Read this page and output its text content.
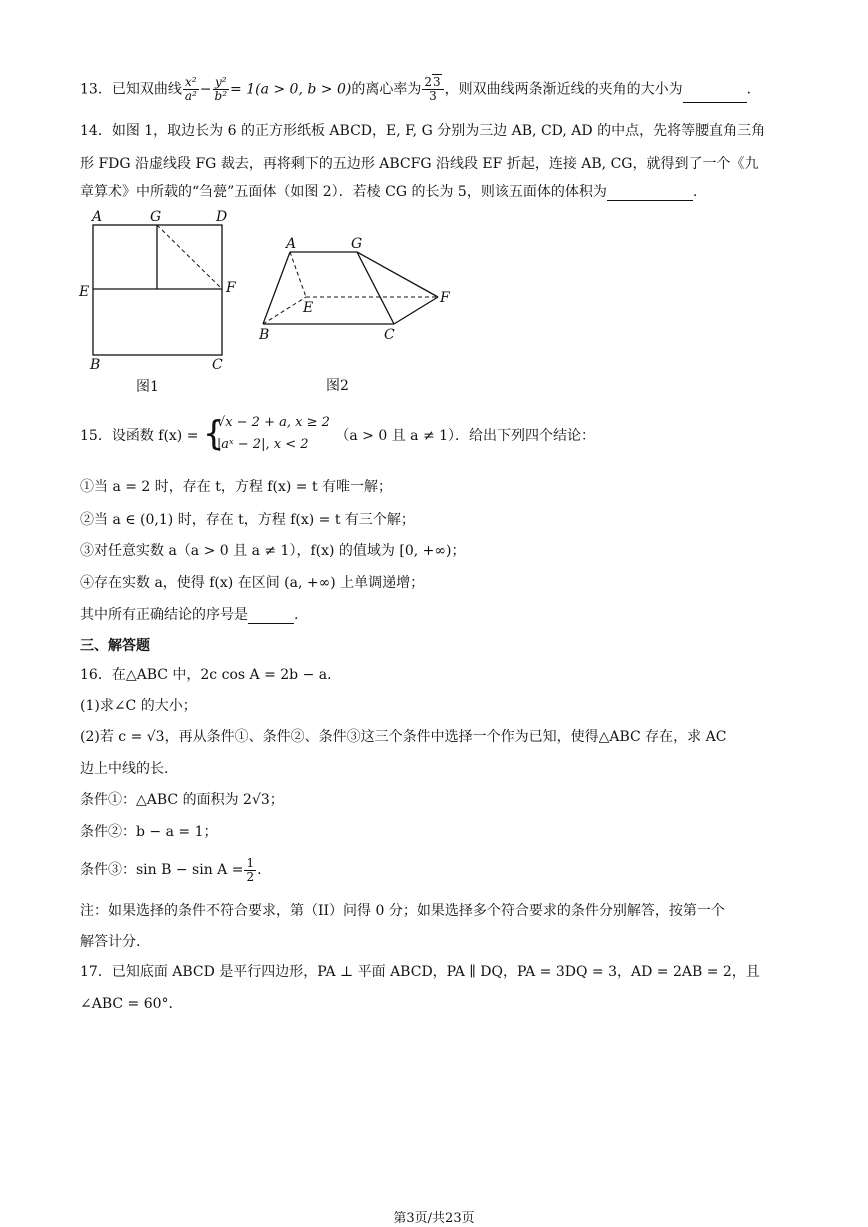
13．已知双曲线 $\frac{\text{x²}}{\text{a²}} - \frac{\text{y²}}{\text{b²}} = 1(a > 0$, b > 0)的离心率为 $\frac{23}{3}$ ，则双曲线两条渐近线的夹角的大小为	.
14．如图 1，取边长为 6 的正方形纸板 ABCD，E, F, G 分别为三边 AB, CD, AD 的中点，先将等腰直角三角
形 FDG 沿虚线段 FG 裁去，再将剩下的五边形 ABCFG 沿线段 EF 折起，连接 AB, CG，就得到了一个《九
章算术》中所载的“刍甍”五面体（如图 2）．若棱 CG 的长为 5，则该五面体的体积为	.
A	G	D
E	F
B	C
图1
A	G
E
F
B	C
图2
15．设函数 f(x) = {
√x − 2 + a, x ≥ 2
|aˣ − 2|, x < 2
（a > 0 且 a ≠ 1）．给出下列四个结论：
①当 a = 2 时，存在 t，方程 f(x) = t 有唯一解；
②当 a ∈ (0,1) 时，存在 t，方程 f(x) = t 有三个解；
③对任意实数 a（a > 0 且 a ≠ 1），f(x) 的值域为 [0, +∞)；
④存在实数 a，使得 f(x) 在区间 (a, +∞) 上单调递增；
其中所有正确结论的序号是	.
三、解答题
16．在△ABC 中，2c cos A = 2b − a．
(1)求∠C 的大小；
(2)若 c = √3，再从条件①、条件②、条件③这三个条件中选择一个作为已知，使得△ABC 存在，求 AC
边上中线的长.
条件①：△ABC 的面积为 2√3；
条件②：b − a = 1；
条件③：$\sin B - \sin A = \frac{1}{2}$ .
注：如果选择的条件不符合要求，第（II）问得 0 分；如果选择多个符合要求的条件分别解答，按第一个
解答计分.
17．已知底面 ABCD 是平行四边形，PA ⊥ 平面 ABCD，PA ∥ DQ，PA = 3DQ = 3，AD = 2AB = 2，且
∠ABC = 60°．
第3页/共23页
